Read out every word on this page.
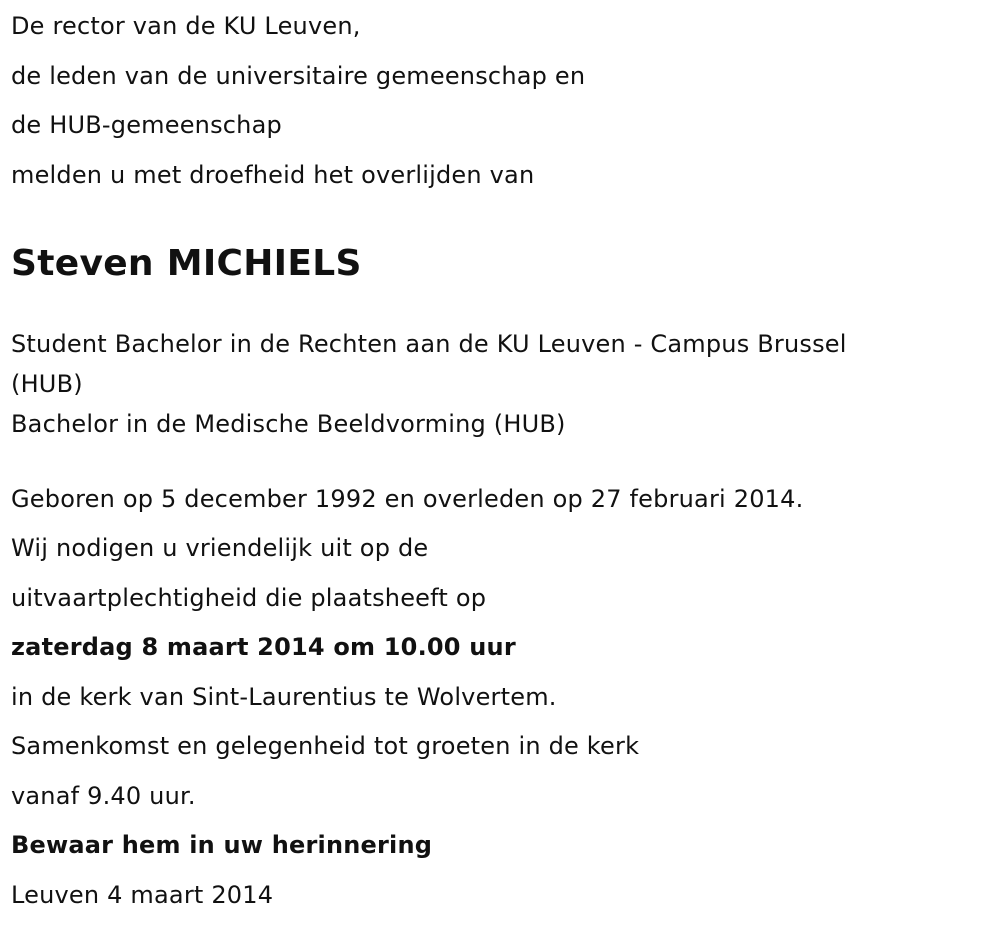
De rector van de KU Leuven,
de leden van de universitaire gemeenschap en
de HUB-gemeenschap
melden u met droefheid het overlijden van
Steven MICHIELS
Student Bachelor in de Rechten aan de KU Leuven - Campus Brussel
(HUB)
Bachelor in de Medische Beeldvorming (HUB)
Geboren op 5 december 1992 en overleden op 27 februari 2014.
Wij nodigen u vriendelijk uit op de
uitvaartplechtigheid die plaatsheeft op
zaterdag 8 maart 2014 om 10.00 uur
in de kerk van Sint-Laurentius te Wolvertem.
Samenkomst en gelegenheid tot groeten in de kerk
vanaf 9.40 uur.
Bewaar hem in uw herinnering
Leuven 4 maart 2014
